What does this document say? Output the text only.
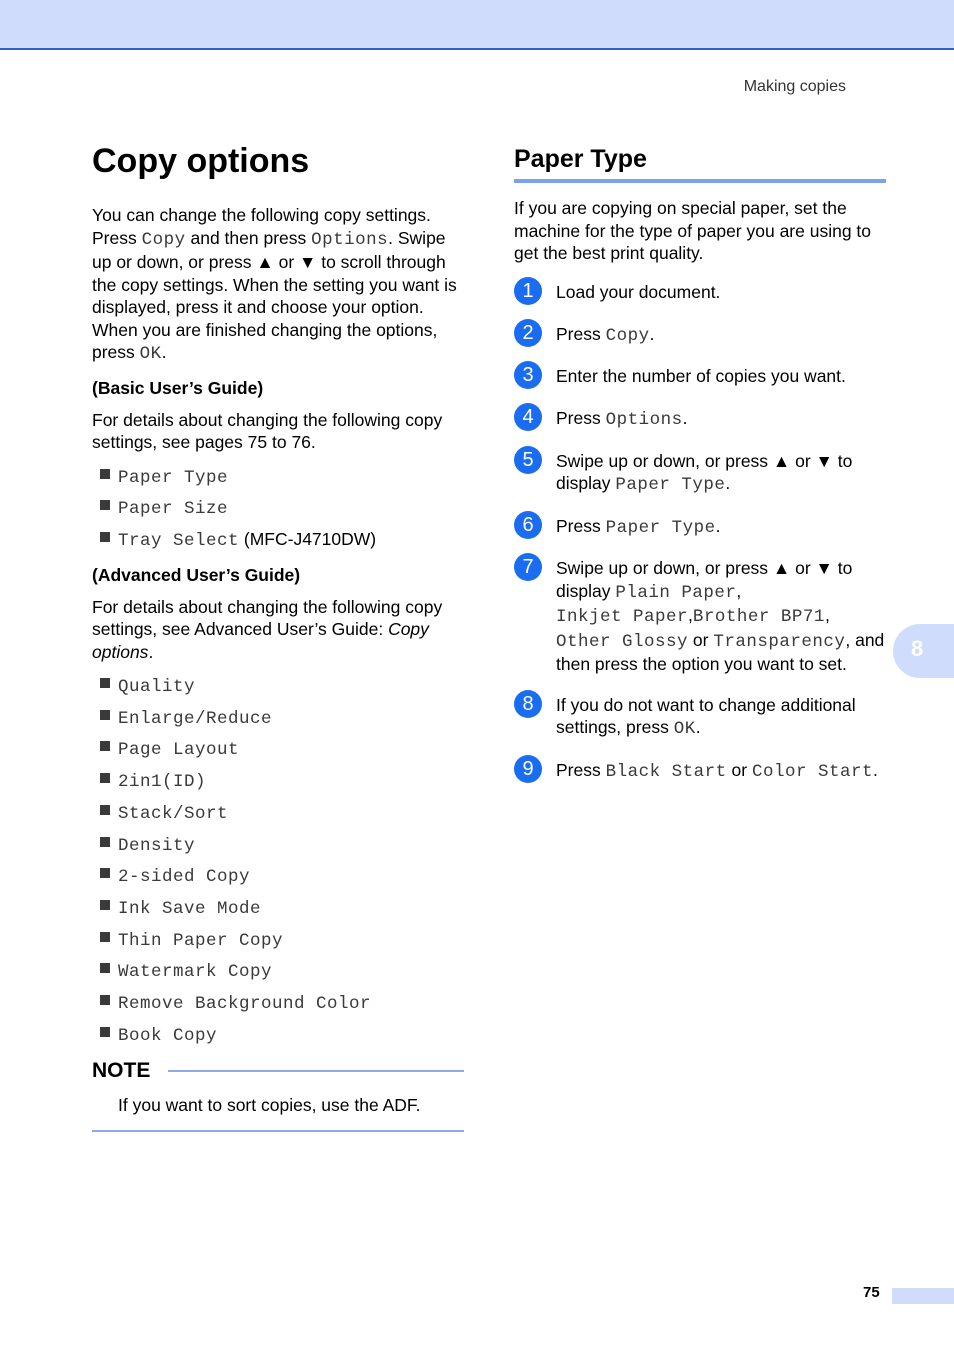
Making copies
Copy options

You can change the following copy settings. Press Copy and then press Options. Swipe up or down, or press ▲ or ▼ to scroll through the copy settings. When the setting you want is displayed, press it and choose your option. When you are finished changing the options, press OK.

(Basic User’s Guide)

For details about changing the following copy settings, see pages 75 to 76.

Paper Type
Paper Size
Tray Select (MFC-J4710DW)
(Advanced User’s Guide)

For details about changing the following copy settings, see Advanced User’s Guide: Copy options.

Quality
Enlarge/Reduce
Page Layout
2in1(ID)
Stack/Sort
Density
2-sided Copy
Ink Save Mode
Thin Paper Copy
Watermark Copy
Remove Background Color
Book Copy
NOTE
If you want to sort copies, use the ADF.
Paper Type

If you are copying on special paper, set the machine for the type of paper you are using to get the best print quality.

1	Load your document.
2	Press Copy.
3	Enter the number of copies you want.
4	Press Options.
5	Swipe up or down, or press ▲ or ▼ to display Paper Type.
6	Press Paper Type.
7	Swipe up or down, or press ▲ or ▼ to display Plain Paper,
Inkjet Paper,Brother BP71,
Other Glossy or Transparency, and then press the option you want to set.
8	If you do not want to change additional settings, press OK.
9	Press Black Start or Color Start.
8
75
